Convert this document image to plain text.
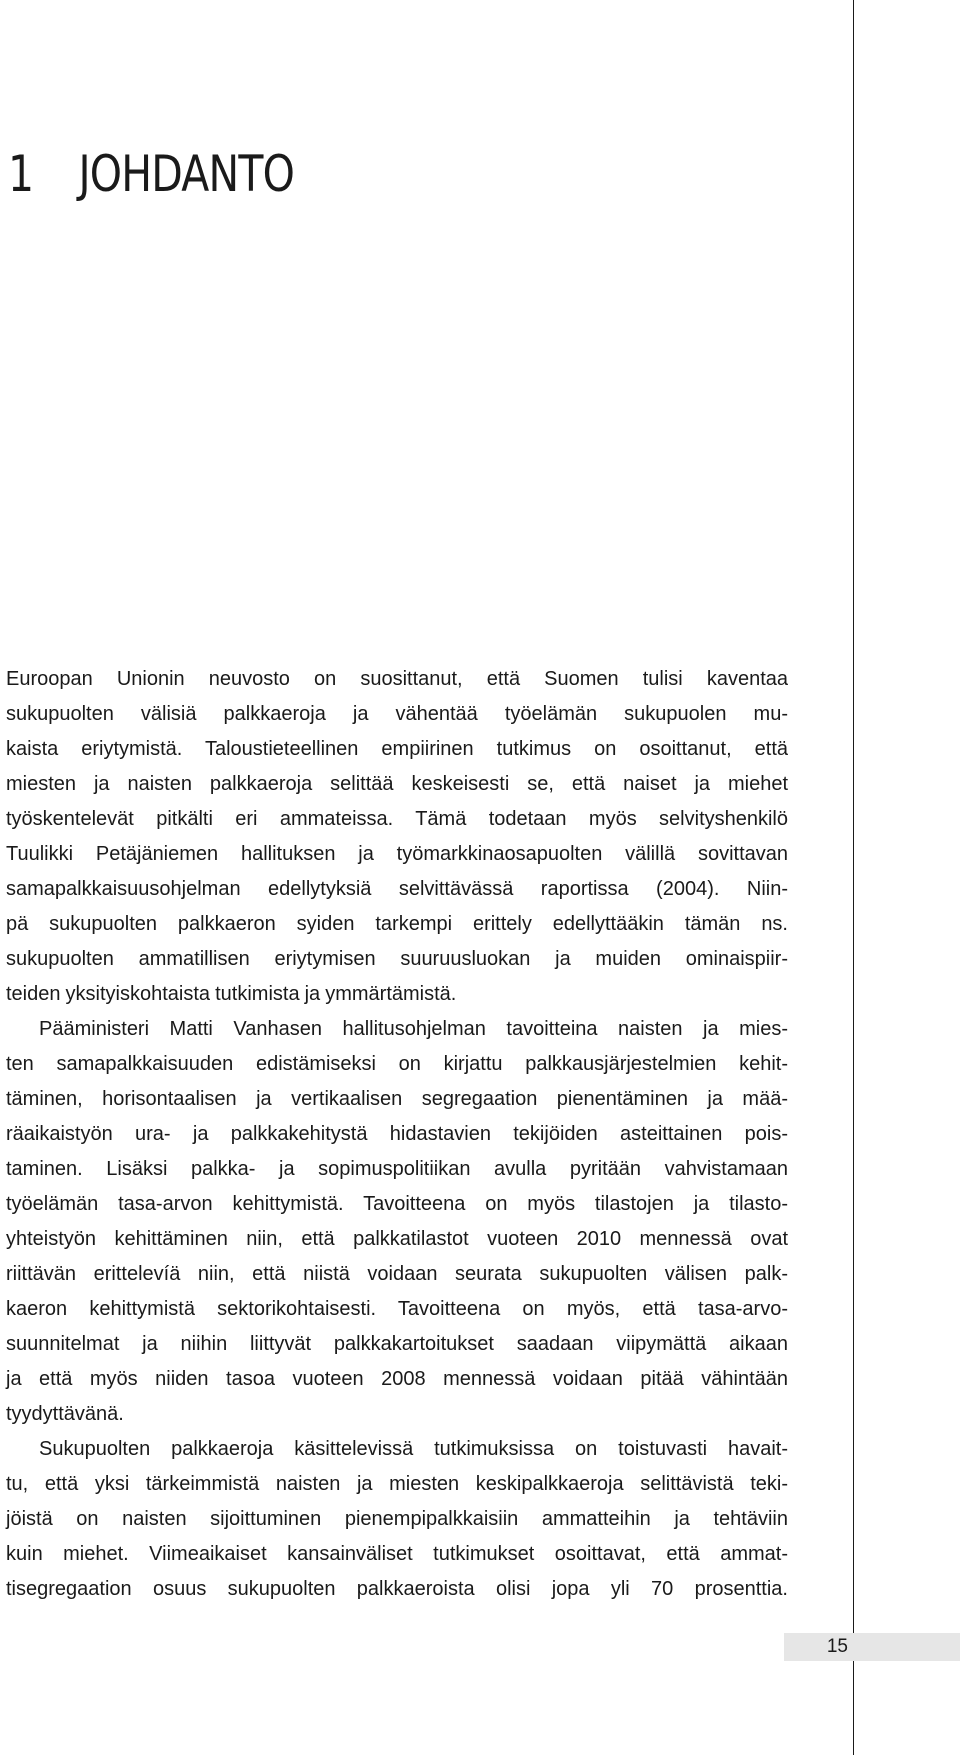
1 JOHDANTO

Euroopan Unionin neuvosto on suosittanut, että Suomen tulisi kaventaa
sukupuolten välisiä palkkaeroja ja vähentää työelämän sukupuolen mu-
kaista eriytymistä. Taloustieteellinen empiirinen tutkimus on osoittanut, että
miesten ja naisten palkkaeroja selittää keskeisesti se, että naiset ja miehet
työskentelevät pitkälti eri ammateissa. Tämä todetaan myös selvityshenkilö
Tuulikki Petäjäniemen hallituksen ja työmarkkinaosapuolten välillä sovittavan
samapalkkaisuusohjelman edellytyksiä selvittävässä raportissa (2004). Niin-
pä sukupuolten palkkaeron syiden tarkempi erittely edellyttääkin tämän ns.
sukupuolten ammatillisen eriytymisen suuruusluokan ja muiden ominaispiir-
teiden yksityiskohtaista tutkimista ja ymmärtämistä.

Pääministeri Matti Vanhasen hallitusohjelman tavoitteina naisten ja mies-
ten samapalkkaisuuden edistämiseksi on kirjattu palkkausjärjestelmien kehit-
täminen, horisontaalisen ja vertikaalisen segregaation pienentäminen ja mää-
räaikaistyön ura- ja palkkakehitystä hidastavien tekijöiden asteittainen pois-
taminen. Lisäksi palkka- ja sopimuspolitiikan avulla pyritään vahvistamaan
työelämän tasa-arvon kehittymistä. Tavoitteena on myös tilastojen ja tilasto-
yhteistyön kehittäminen niin, että palkkatilastot vuoteen 2010 mennessä ovat
riittävän erittelevíä niin, että niistä voidaan seurata sukupuolten välisen palk-
kaeron kehittymistä sektorikohtaisesti. Tavoitteena on myös, että tasa-arvo-
suunnitelmat ja niihin liittyvät palkkakartoitukset saadaan viipymättä aikaan
ja että myös niiden tasoa vuoteen 2008 mennessä voidaan pitää vähintään
tyydyttävänä.

Sukupuolten palkkaeroja käsittelevissä tutkimuksissa on toistuvasti havait-
tu, että yksi tärkeimmistä naisten ja miesten keskipalkkaeroja selittävistä teki-
jöistä on naisten sijoittuminen pienempipalkkaisiin ammatteihin ja tehtäviin
kuin miehet. Viimeaikaiset kansainväliset tutkimukset osoittavat, että ammat-
tisegregaation osuus sukupuolten palkkaeroista olisi jopa yli 70 prosenttia.

15
